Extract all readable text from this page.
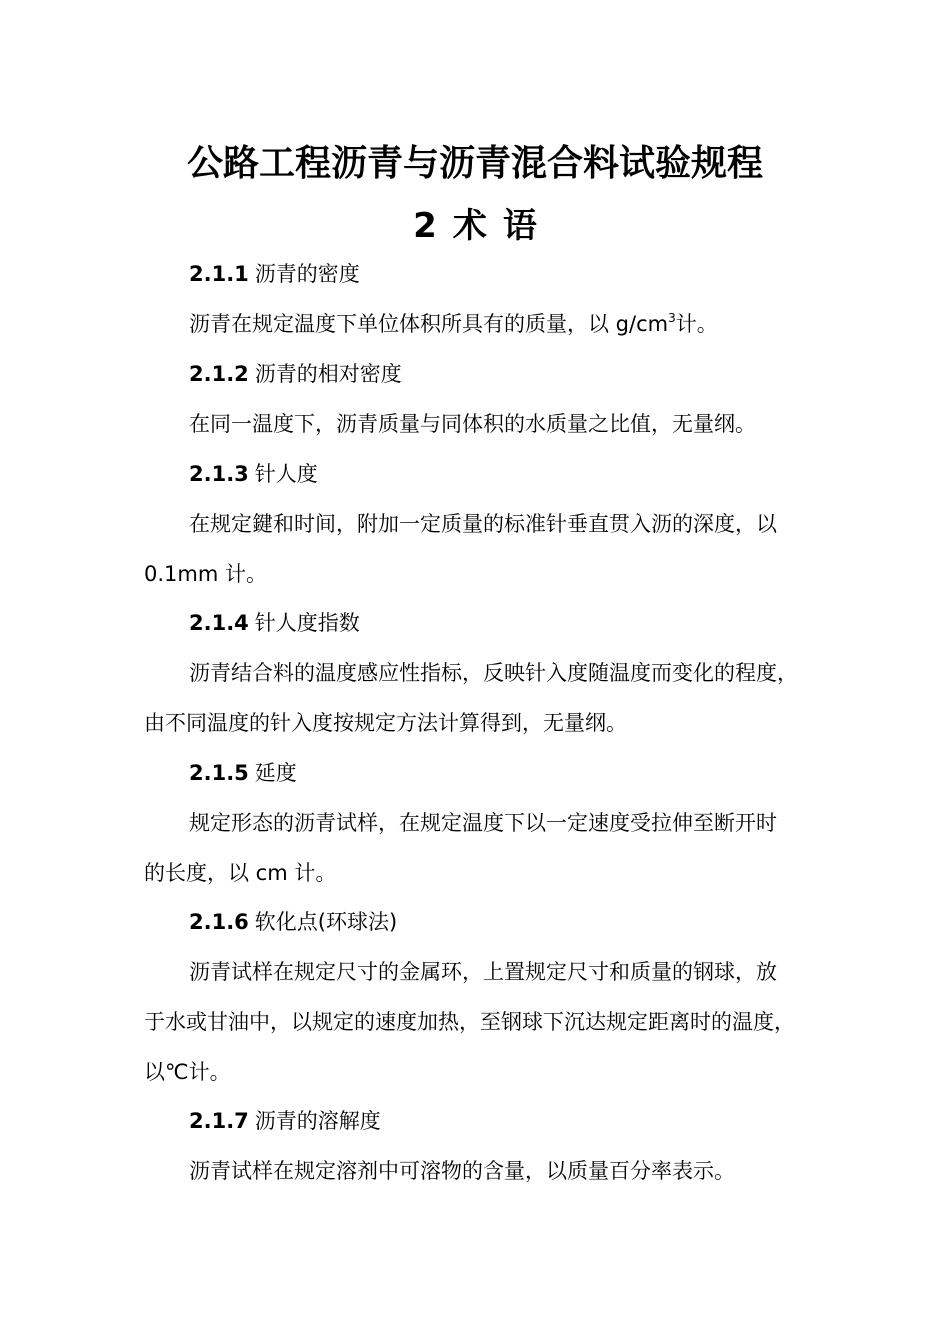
公路工程沥青与沥青混合料试验规程
2 术 语
2.1.1 沥青的密度
沥青在规定温度下单位体积所具有的质量，以 $g/cm^3$计。
2.1.2 沥青的相对密度
在同一温度下，沥青质量与同体积的水质量之比值，无量纲。
2.1.3 针人度
在规定鍵和时间，附加一定质量的标准针垂直贯入沥的深度，以
0.1mm 计。
2.1.4 针人度指数
沥青结合料的温度感应性指标，反映针入度随温度而变化的程度，
由不同温度的针入度按规定方法计算得到，无量纲。
2.1.5 延度
规定形态的沥青试样，在规定温度下以一定速度受拉伸至断开时
的长度，以 cm 计。
2.1.6 软化点(环球法)
沥青试样在规定尺寸的金属环，上置规定尺寸和质量的钢球，放
于水或甘油中，以规定的速度加热，至钢球下沉达规定距离时的温度，
以℃计。
2.1.7 沥青的溶解度
沥青试样在规定溶剂中可溶物的含量，以质量百分率表示。
